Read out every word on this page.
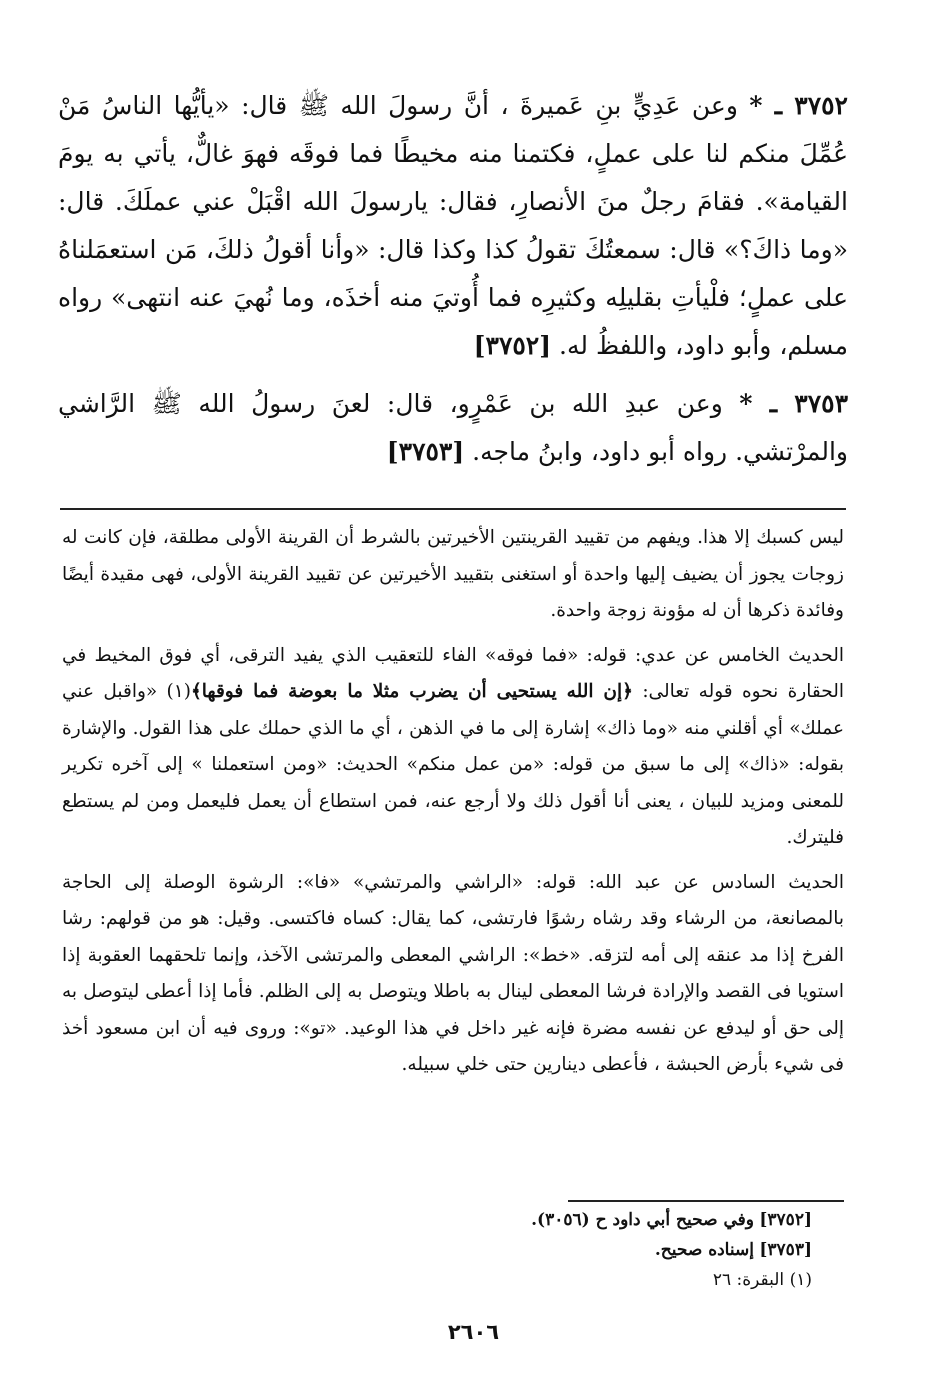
٣٧٥٢ ـ * وعن عَدِيٍّ بنِ عَميرةَ ، أنَّ رسولَ الله ﷺ قال: «يأيُّها الناسُ مَنْ عُمِّلَ منكم لنا على عملٍ، فكتمنا منه مخيطًا فما فوقَه فهوَ غالٌّ، يأتي به يومَ القيامة». فقامَ رجلٌ منَ الأنصارِ، فقال: يارسولَ الله اقْبَلْ عني عملَكَ. قال: «وما ذاكَ؟» قال: سمعتُكَ تقولُ كذا وكذا قال: «وأنا أقولُ ذلكَ، مَن استعمَلناهُ على عملٍ؛ فلْيأتِ بقليلِه وكثيرِه فما أُوتيَ منه أخذَه، وما نُهيَ عنه انتهى» رواه مسلم، وأبو داود، واللفظُ له. [٣٧٥٢]

٣٧٥٣ ـ * وعن عبدِ الله بن عَمْرٍو، قال: لعنَ رسولُ الله ﷺ الرَّاشي والمرْتشي. رواه أبو داود، وابنُ ماجه. [٣٧٥٣]

ليس كسبك إلا هذا. ويفهم من تقييد القرينتين الأخيرتين بالشرط أن القرينة الأولى مطلقة، فإن كانت له زوجات يجوز أن يضيف إليها واحدة أو استغنى بتقييد الأخيرتين عن تقييد القرينة الأولى، فهى مقيدة أيضًا وفائدة ذكرها أن له مؤونة زوجة واحدة.

الحديث الخامس عن عدي: قوله: «فما فوقه» الفاء للتعقيب الذي يفيد الترقى، أي فوق المخيط في الحقارة نحوه قوله تعالى: ﴿إن الله يستحيى أن يضرب مثلا ما بعوضة فما فوقها﴾(١) «واقبل عني عملك» أي أقلني منه «وما ذاك» إشارة إلى ما في الذهن ، أي ما الذي حملك على هذا القول. والإشارة بقوله: «ذاك» إلى ما سبق من قوله: «من عمل منكم» الحديث: «ومن استعملنا » إلى آخره تكرير للمعنى ومزيد للبيان ، يعنى أنا أقول ذلك ولا أرجع عنه، فمن استطاع أن يعمل فليعمل ومن لم يستطع فليترك.

الحديث السادس عن عبد الله: قوله: «الراشي والمرتشي» «فا»: الرشوة الوصلة إلى الحاجة بالمصانعة، من الرشاء وقد رشاه رشوًا فارتشى، كما يقال: كساه فاكتسى. وقيل: هو من قولهم: رشا الفرخ إذا مد عنقه إلى أمه لتزقه. «خط»: الراشي المعطى والمرتشى الآخذ، وإنما تلحقهما العقوبة إذا استويا فى القصد والإرادة فرشا المعطى لينال به باطلا ويتوصل به إلى الظلم. فأما إذا أعطى ليتوصل به إلى حق أو ليدفع عن نفسه مضرة فإنه غير داخل في هذا الوعيد. «تو»: وروى فيه أن ابن مسعود أخذ فى شيء بأرض الحبشة ، فأعطى دينارين حتى خلي سبيله.

[٣٧٥٢] وفي صحيح أبي داود ح (٣٠٥٦).
[٣٧٥٣] إسناده صحيح.
(١) البقرة: ٢٦
٢٦٠٦
